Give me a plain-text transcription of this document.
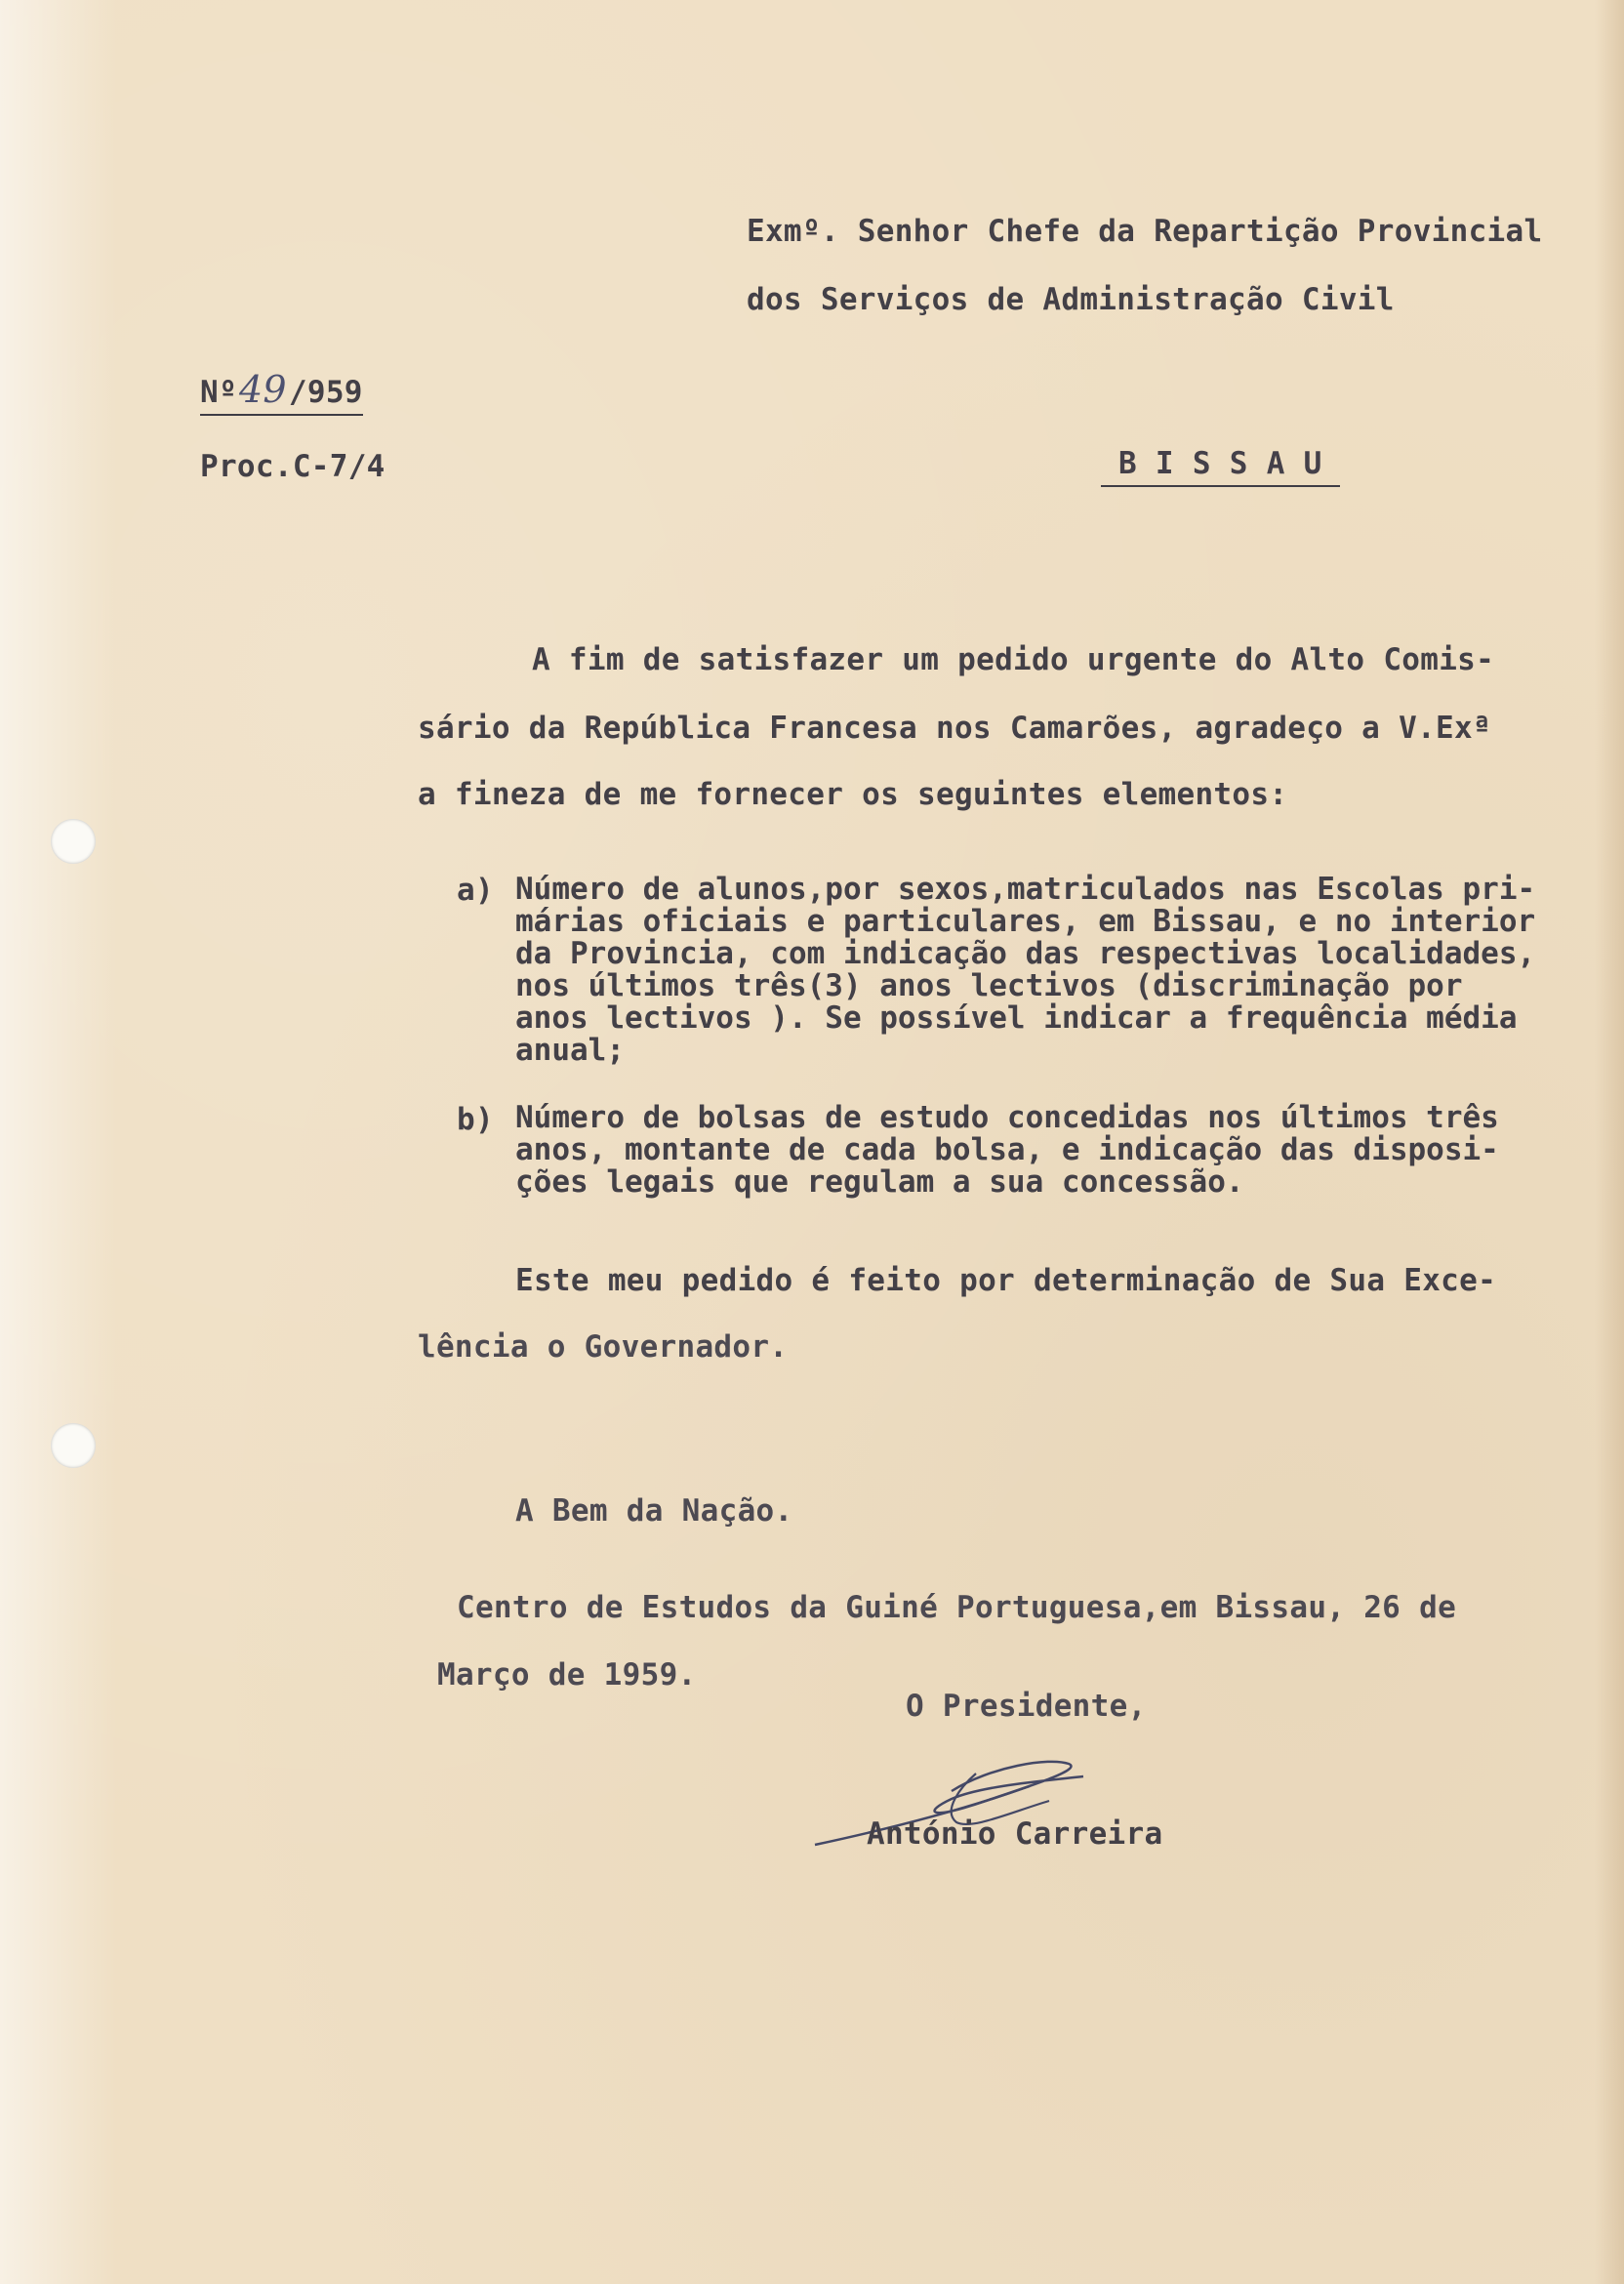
Exmº. Senhor Chefe da Repartição Provincial
dos Serviços de Administração Civil
Nº49/959
Proc.C-7/4	B I S S A U
A fim de satisfazer um pedido urgente do Alto Comis-
sário da República Francesa nos Camarões, agradeço a V.Exª
a fineza de me fornecer os seguintes elementos:
a) Número de alunos,por sexos,matriculados nas Escolas pri-
márias oficiais e particulares, em Bissau, e no interior
da Provincia, com indicação das respectivas localidades,
nos últimos três(3) anos lectivos (discriminação por
anos lectivos ). Se possível indicar a frequência média
anual;
b) Número de bolsas de estudo concedidas nos últimos três
anos, montante de cada bolsa, e indicação das disposi-
ções legais que regulam a sua concessão.
Este meu pedido é feito por determinação de Sua Exce-
lência o Governador.
A Bem da Nação.
Centro de Estudos da Guiné Portuguesa,em Bissau, 26 de
Março de 1959.
O Presidente,
António Carreira
